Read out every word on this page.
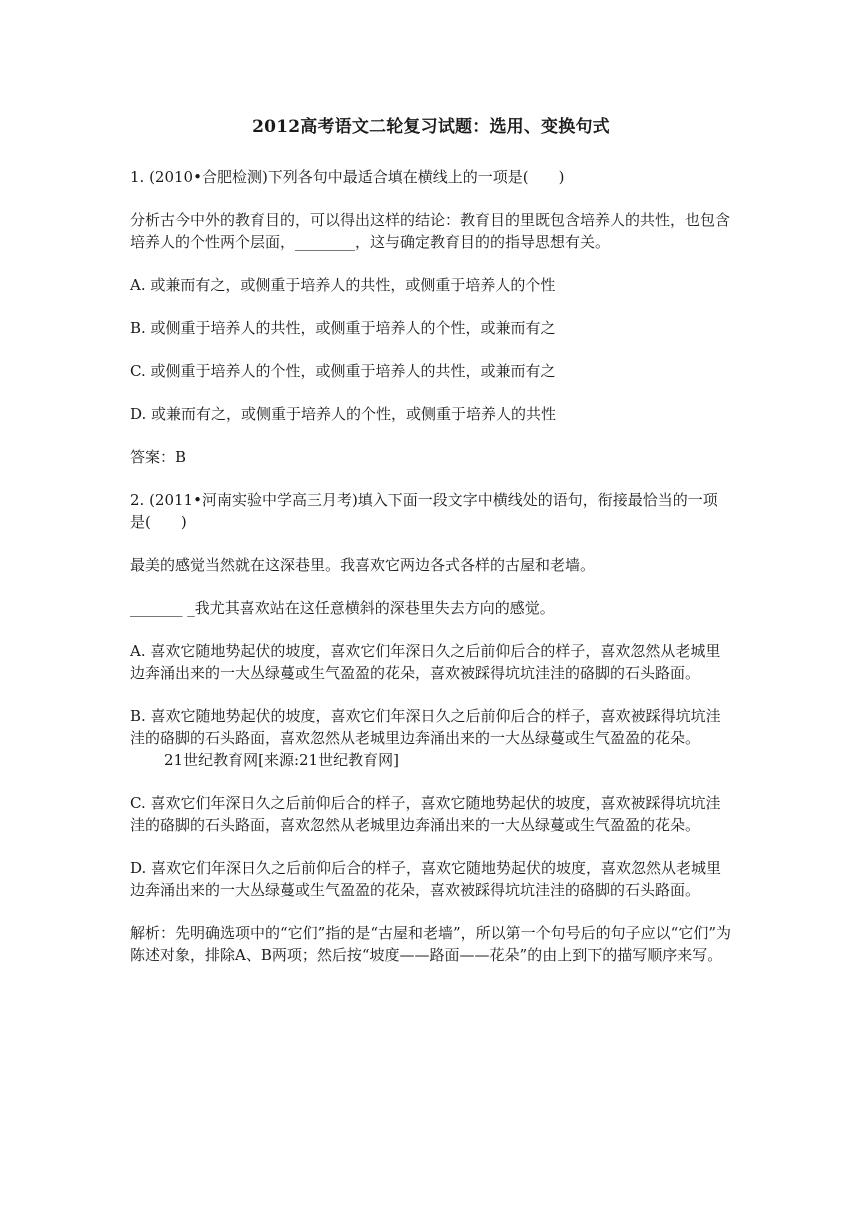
2012高考语文二轮复习试题：选用、变换句式

1. (2010•合肥检测)下列各句中最适合填在横线上的一项是(　　)

分析古今中外的教育目的，可以得出这样的结论：教育目的里既包含培养人的共性，也包含培养人的个性两个层面，________，这与确定教育目的的指导思想有关。

A. 或兼而有之，或侧重于培养人的共性，或侧重于培养人的个性

B. 或侧重于培养人的共性，或侧重于培养人的个性，或兼而有之

C. 或侧重于培养人的个性，或侧重于培养人的共性，或兼而有之

D. 或兼而有之，或侧重于培养人的个性，或侧重于培养人的共性

答案：B

2. (2011•河南实验中学高三月考)填入下面一段文字中横线处的语句，衔接最恰当的一项是(　　)

最美的感觉当然就在这深巷里。我喜欢它两边各式各样的古屋和老墙。

_______ _我尤其喜欢站在这任意横斜的深巷里失去方向的感觉。

A. 喜欢它随地势起伏的坡度，喜欢它们年深日久之后前仰后合的样子，喜欢忽然从老城里边奔涌出来的一大丛绿蔓或生气盈盈的花朵，喜欢被踩得坑坑洼洼的硌脚的石头路面。

B. 喜欢它随地势起伏的坡度，喜欢它们年深日久之后前仰后合的样子，喜欢被踩得坑坑洼洼的硌脚的石头路面，喜欢忽然从老城里边奔涌出来的一大丛绿蔓或生气盈盈的花朵。21世纪教育网[来源:21世纪教育网]

C. 喜欢它们年深日久之后前仰后合的样子，喜欢它随地势起伏的坡度，喜欢被踩得坑坑洼洼的硌脚的石头路面，喜欢忽然从老城里边奔涌出来的一大丛绿蔓或生气盈盈的花朵。

D. 喜欢它们年深日久之后前仰后合的样子，喜欢它随地势起伏的坡度，喜欢忽然从老城里边奔涌出来的一大丛绿蔓或生气盈盈的花朵，喜欢被踩得坑坑洼洼的硌脚的石头路面。

解析：先明确选项中的“它们”指的是“古屋和老墙”，所以第一个句号后的句子应以“它们”为陈述对象，排除A、B两项；然后按“坡度——路面——花朵”的由上到下的描写顺序来写。
